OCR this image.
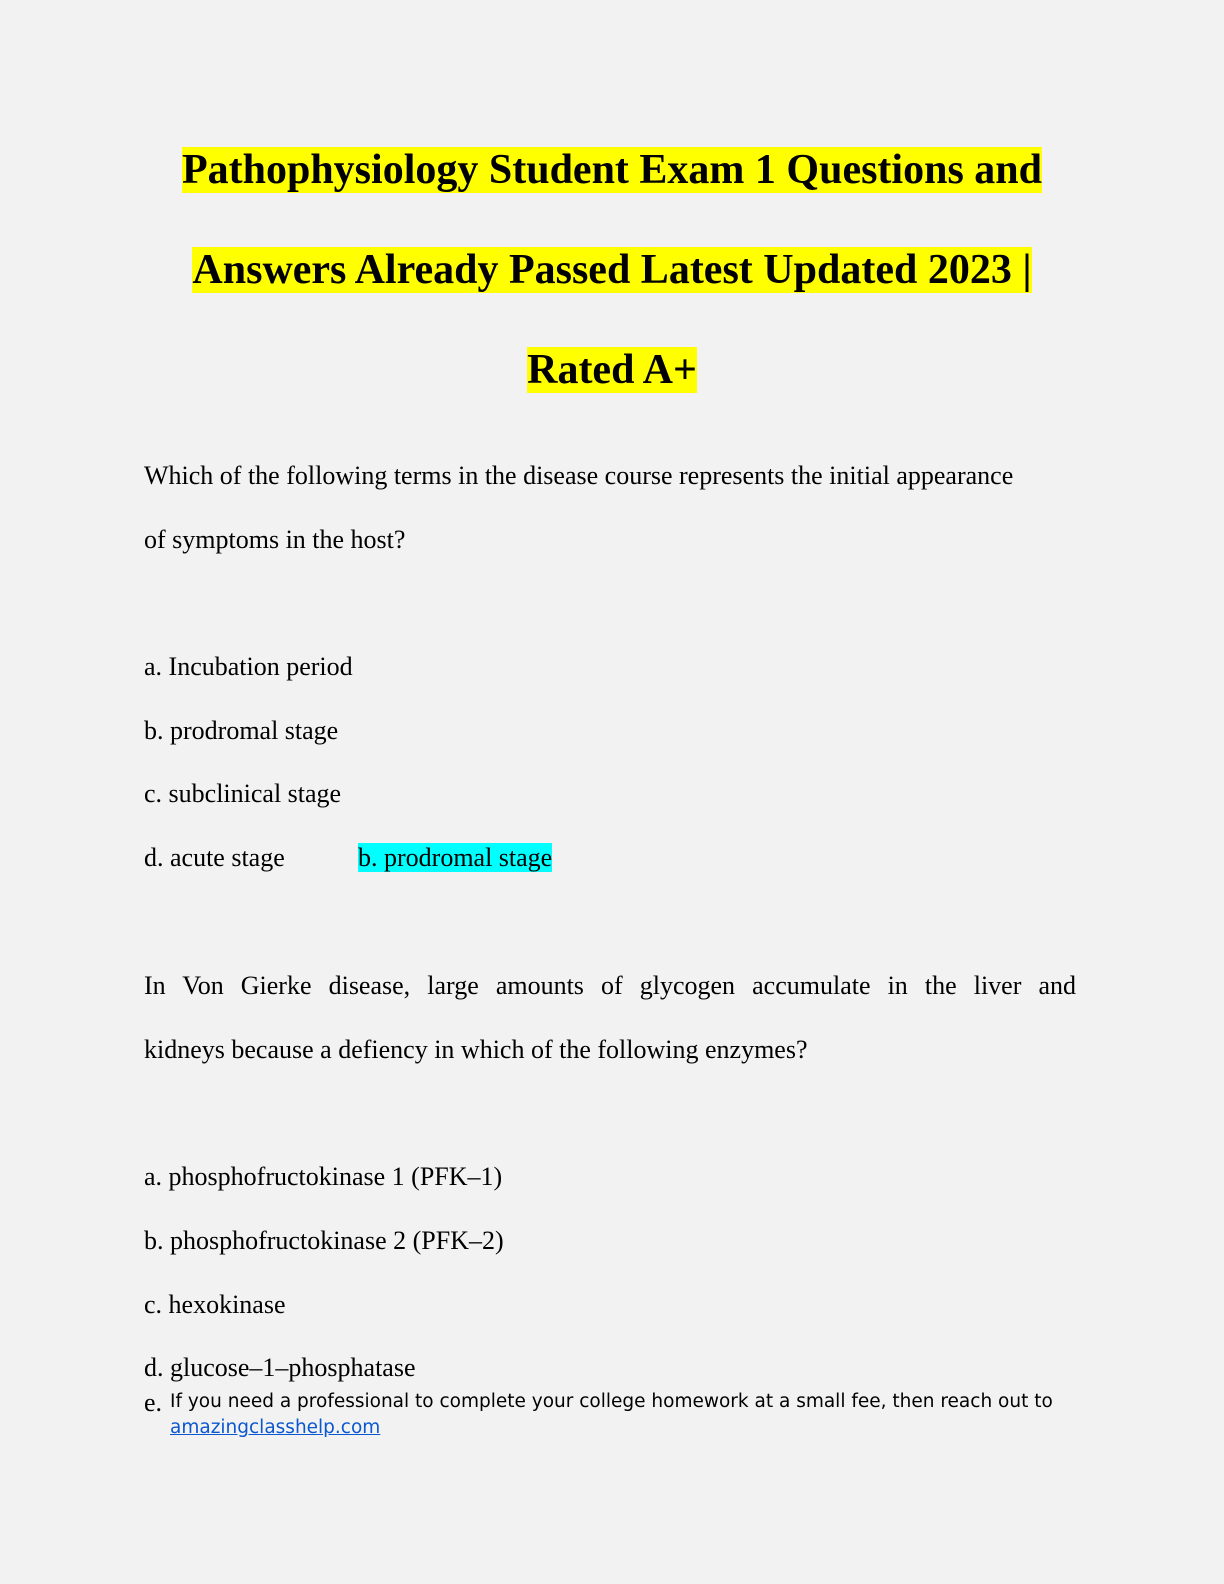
Pathophysiology Student Exam 1 Questions and
Answers Already Passed Latest Updated 2023 |
Rated A+
Which of the following terms in the disease course represents the initial appearance
of symptoms in the host?
a. Incubation period
b. prodromal stage
c. subclinical stage
d. acute stage	b. prodromal stage
In Von Gierke disease, large amounts of glycogen accumulate in the liver and
kidneys because a defiency in which of the following enzymes?
a. phosphofructokinase 1 (PFK–1)
b. phosphofructokinase 2 (PFK–2)
c. hexokinase
d. glucose–1–phosphatase
e. If you need a professional to complete your college homework at a small fee, then reach out to
amazingclasshelp.com
